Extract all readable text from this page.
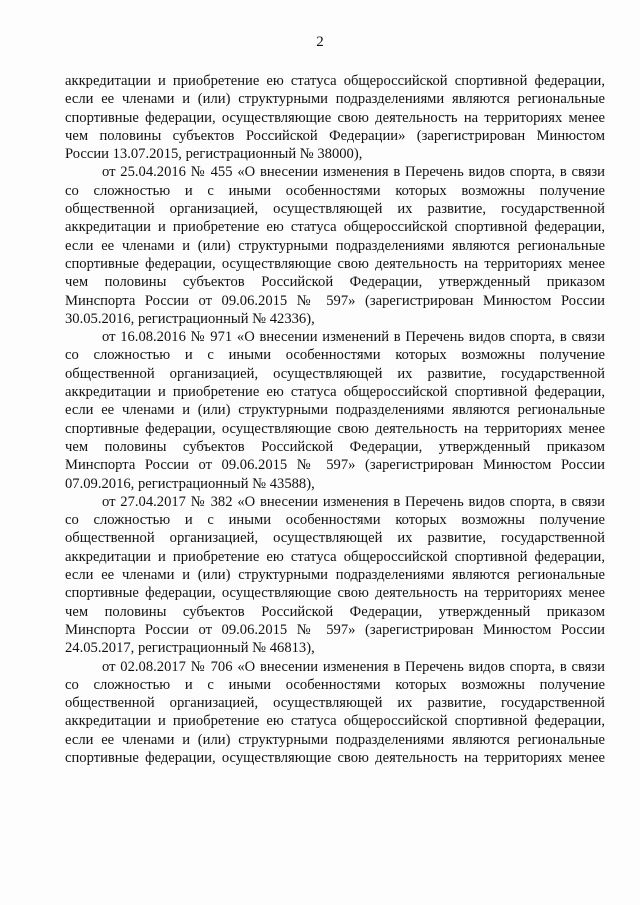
2
аккредитации и приобретение ею статуса общероссийской спортивной федерации,
если ее членами и (или) структурными подразделениями являются региональные
спортивные федерации, осуществляющие свою деятельность на территориях менее
чем половины субъектов Российской Федерации» (зарегистрирован Минюстом
России 13.07.2015, регистрационный № 38000),
от 25.04.2016 № 455 «О внесении изменения в Перечень видов спорта, в связи
со сложностью и с иными особенностями которых возможны получение
общественной организацией, осуществляющей их развитие, государственной
аккредитации и приобретение ею статуса общероссийской спортивной федерации,
если ее членами и (или) структурными подразделениями являются региональные
спортивные федерации, осуществляющие свою деятельность на территориях менее
чем половины субъектов Российской Федерации, утвержденный приказом
Минспорта России от 09.06.2015 № 597» (зарегистрирован Минюстом России
30.05.2016, регистрационный № 42336),
от 16.08.2016 № 971 «О внесении изменений в Перечень видов спорта, в связи
со сложностью и с иными особенностями которых возможны получение
общественной организацией, осуществляющей их развитие, государственной
аккредитации и приобретение ею статуса общероссийской спортивной федерации,
если ее членами и (или) структурными подразделениями являются региональные
спортивные федерации, осуществляющие свою деятельность на территориях менее
чем половины субъектов Российской Федерации, утвержденный приказом
Минспорта России от 09.06.2015 № 597» (зарегистрирован Минюстом России
07.09.2016, регистрационный № 43588),
от 27.04.2017 № 382 «О внесении изменения в Перечень видов спорта, в связи
со сложностью и с иными особенностями которых возможны получение
общественной организацией, осуществляющей их развитие, государственной
аккредитации и приобретение ею статуса общероссийской спортивной федерации,
если ее членами и (или) структурными подразделениями являются региональные
спортивные федерации, осуществляющие свою деятельность на территориях менее
чем половины субъектов Российской Федерации, утвержденный приказом
Минспорта России от 09.06.2015 № 597» (зарегистрирован Минюстом России
24.05.2017, регистрационный № 46813),
от 02.08.2017 № 706 «О внесении изменения в Перечень видов спорта, в связи
со сложностью и с иными особенностями которых возможны получение
общественной организацией, осуществляющей их развитие, государственной
аккредитации и приобретение ею статуса общероссийской спортивной федерации,
если ее членами и (или) структурными подразделениями являются региональные
спортивные федерации, осуществляющие свою деятельность на территориях менее
